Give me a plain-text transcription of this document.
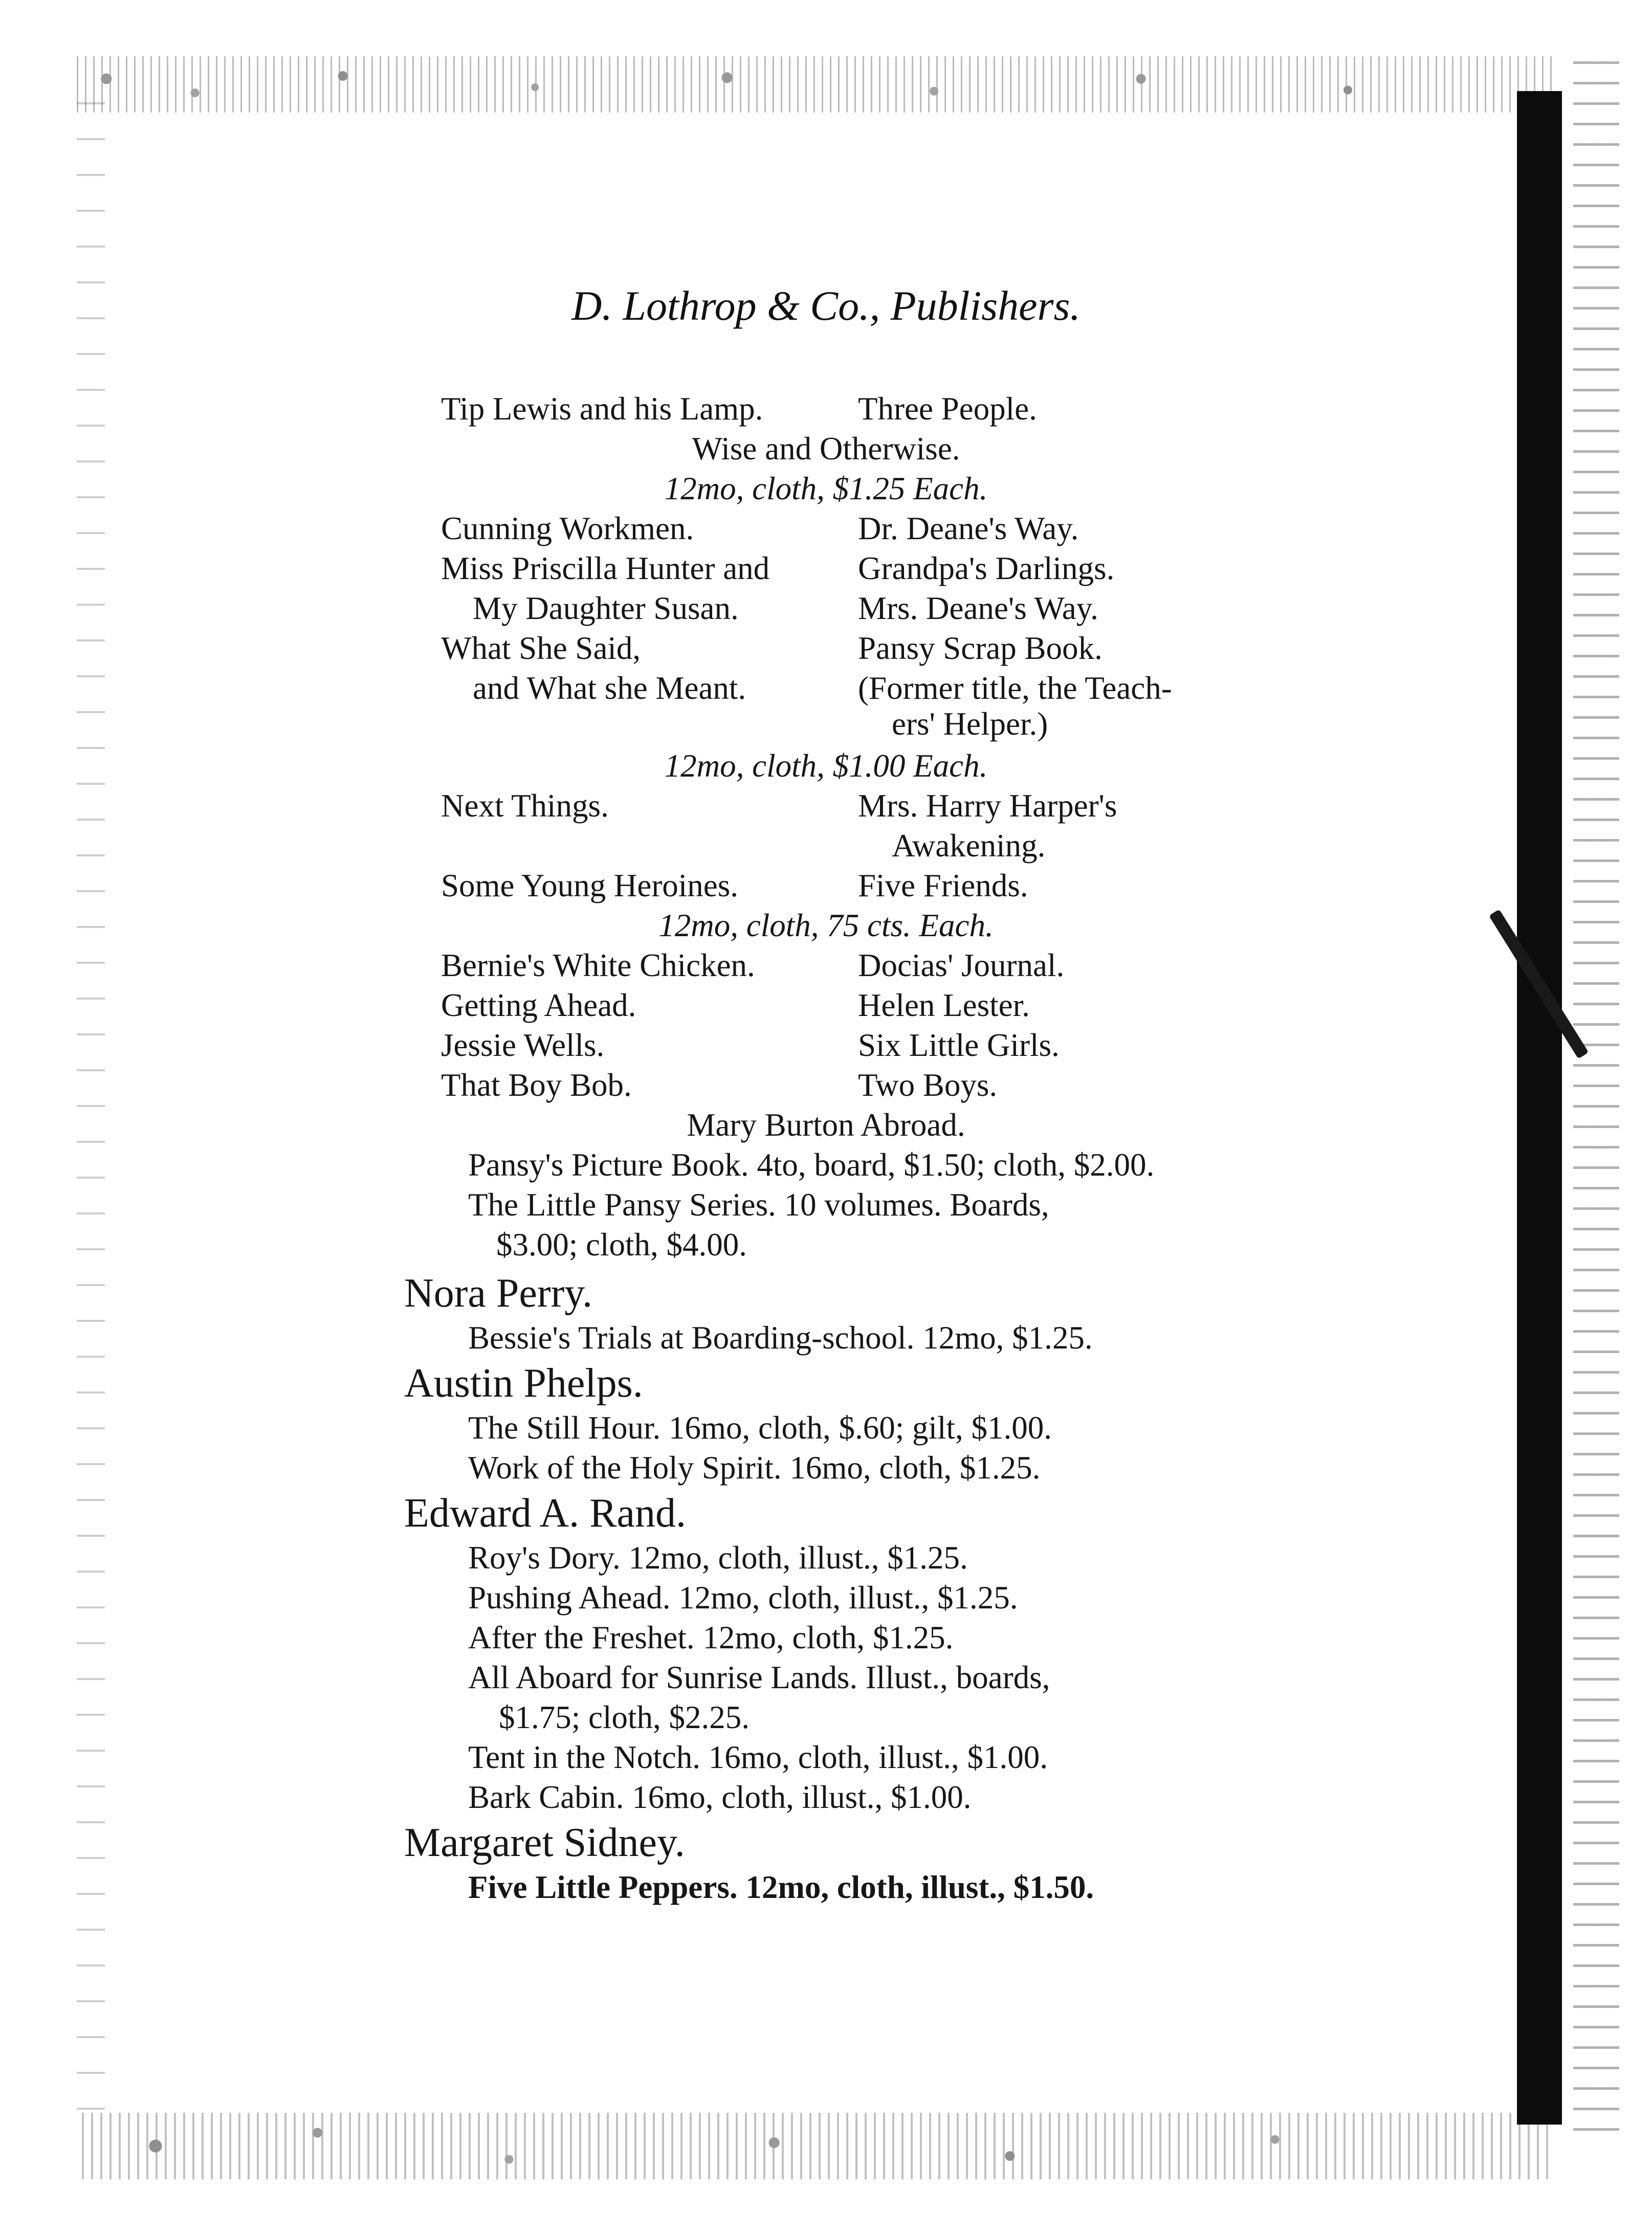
D. Lothrop & Co., Publishers.
Tip Lewis and his Lamp.	Three People.
Wise and Otherwise.
12mo, cloth, $1.25 Each.
Cunning Workmen.	Dr. Deane's Way.
Miss Priscilla Hunter and	Grandpa's Darlings.
My Daughter Susan.	Mrs. Deane's Way.
What She Said,	Pansy Scrap Book.
and What she Meant.	(Former title, the Teach-
ers' Helper.)
12mo, cloth, $1.00 Each.
Next Things.	Mrs. Harry Harper's
Awakening.
Some Young Heroines.	Five Friends.
12mo, cloth, 75 cts. Each.
Bernie's White Chicken.	Docias' Journal.
Getting Ahead.	Helen Lester.
Jessie Wells.	Six Little Girls.
That Boy Bob.	Two Boys.
Mary Burton Abroad.
Pansy's Picture Book. 4to, board, $1.50; cloth, $2.00.
The Little Pansy Series. 10 volumes. Boards,
$3.00; cloth, $4.00.
Nora Perry.
Bessie's Trials at Boarding-school. 12mo, $1.25.
Austin Phelps.
The Still Hour. 16mo, cloth, $.60; gilt, $1.00.
Work of the Holy Spirit. 16mo, cloth, $1.25.
Edward A. Rand.
Roy's Dory. 12mo, cloth, illust., $1.25.
Pushing Ahead. 12mo, cloth, illust., $1.25.
After the Freshet. 12mo, cloth, $1.25.
All Aboard for Sunrise Lands. Illust., boards,
$1.75; cloth, $2.25.
Tent in the Notch. 16mo, cloth, illust., $1.00.
Bark Cabin. 16mo, cloth, illust., $1.00.
Margaret Sidney.
Five Little Peppers. 12mo, cloth, illust., $1.50.
